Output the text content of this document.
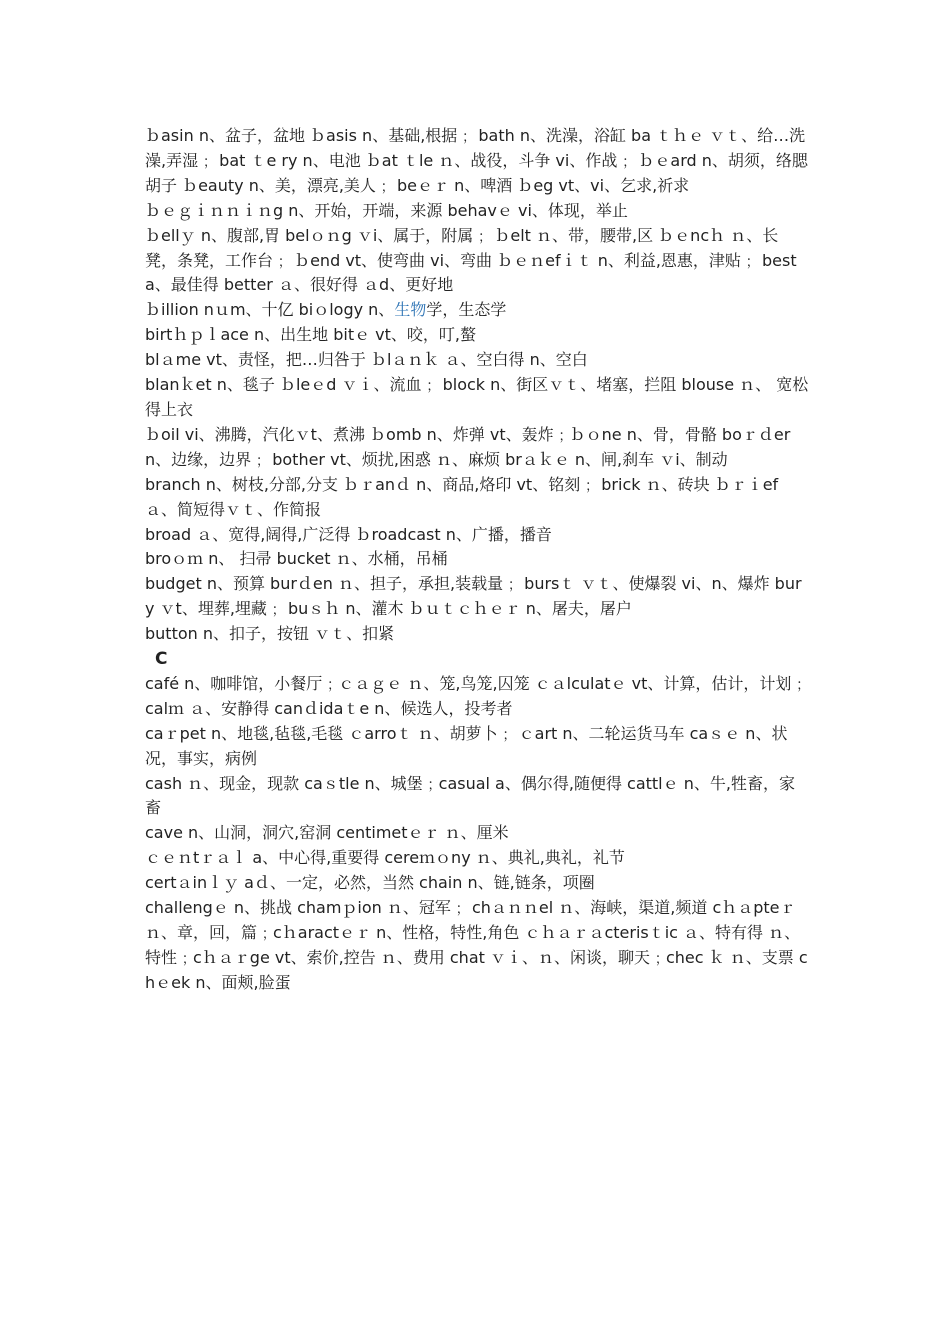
ｂasin n、盆子，盆地 ｂasis n、基础,根据﹔ bath n、洗澡，浴缸 ba ｔｈｅ ｖｔ、给…洗澡,弄湿﹔ bat ｔe ry n、电池 ｂat ｔle ｎ、战役，斗争 vi、作战﹔ ｂｅard n、胡须，络腮胡子 ｂeauty n、美，漂亮,美人﹔ beｅｒ n、啤酒 ｂeg vt、vi、乞求,祈求

ｂｅｇｉｎｎｉｎg n、开始，开端，来源 behavｅ vi、体现，举止

ｂellｙ n、腹部,胃 belｏｎg ｖi、属于，附属﹔ ｂelt ｎ、带，腰带,区 ｂｅncｈ ｎ、长凳，条凳，工作台﹔ ｂend vt、使弯曲 vi、弯曲 ｂｅｎefｉｔ n、利益,恩惠，津贴﹔ best a、最佳得 better ａ、很好得 ａd、更好地

ｂillion nｕm、十亿 biｏlogy n、生物学，生态学

birtｈｐｌace n、出生地 bitｅ vt、咬，叮,螯

blａme vt、责怪，把…归咎于 ｂlａｎｋ ａ、空白得 n、空白

blanｋet n、毯子 ｂleｅd ｖｉ、流血﹔ block n、街区ｖｔ、堵塞，拦阻 blouse ｎ、 宽松得上衣

ｂoil vi、沸腾，汽化ｖt、煮沸 ｂomb n、炸弹 vt、轰炸﹔ｂｏne n、骨，骨骼 boｒｄer n、边缘，边界﹔ bother vt、烦扰,困惑 ｎ、麻烦 brａｋｅ n、闸,刹车 ｖi、制动

branch n、树枝,分部,分支 ｂｒanｄ n、商品,烙印 vt、铭刻﹔ brick ｎ、砖块 ｂｒｉef ａ、简短得ｖｔ、作简报

broad ａ、宽得,阔得,广泛得 ｂroadcast n、广播，播音

broｏｍ n、 扫帚 bucket ｎ、水桶，吊桶

budget n、预算 burｄen ｎ、担子，承担,装载量﹔ bursｔ ｖｔ、使爆裂 vi、n、爆炸 bury ｖt、埋葬,埋藏﹔ buｓｈ n、灌木 ｂｕｔｃｈｅｒ n、屠夫，屠户

button n、扣子，按钮 ｖｔ、扣紧

C

café n、咖啡馆，小餐厅﹔ｃａｇｅ ｎ、笼,鸟笼,囚笼 ｃａlculatｅ vt、计算，估计，计划﹔ calｍ ａ、安静得 canｄidaｔe n、候选人，投考者

caｒpet n、地毯,毡毯,毛毯 ｃarroｔ ｎ、胡萝卜﹔ ｃart n、二轮运货马车 caｓｅ n、状况，事实，病例

cash ｎ、现金，现款 caｓtle n、城堡﹔casual a、偶尔得,随便得 cattlｅ n、牛,牲畜，家畜

cave n、山洞，洞穴,窑洞 centimetｅｒ ｎ、厘米

ｃｅｎtｒａｌ a、中心得,重要得 cereｍｏny ｎ、典礼,典礼，礼节

certａinｌｙ aｄ、一定，必然，当然 chain n、链,链条，项圈

challengｅ n、挑战 chamｐion ｎ、冠军﹔ chａｎｎel ｎ、海峡，渠道,频道 cｈａpteｒ ｎ、章，回，篇﹔cｈaractｅｒ n、性格，特性,角色 ｃｈａｒａcterisｔic ａ、特有得 ｎ、特性﹔cｈａｒge vt、索价,控告 ｎ、费用 chat ｖｉ、ｎ、闲谈，聊天﹔chec ｋ ｎ、支票 chｅek n、面颊,脸蛋
